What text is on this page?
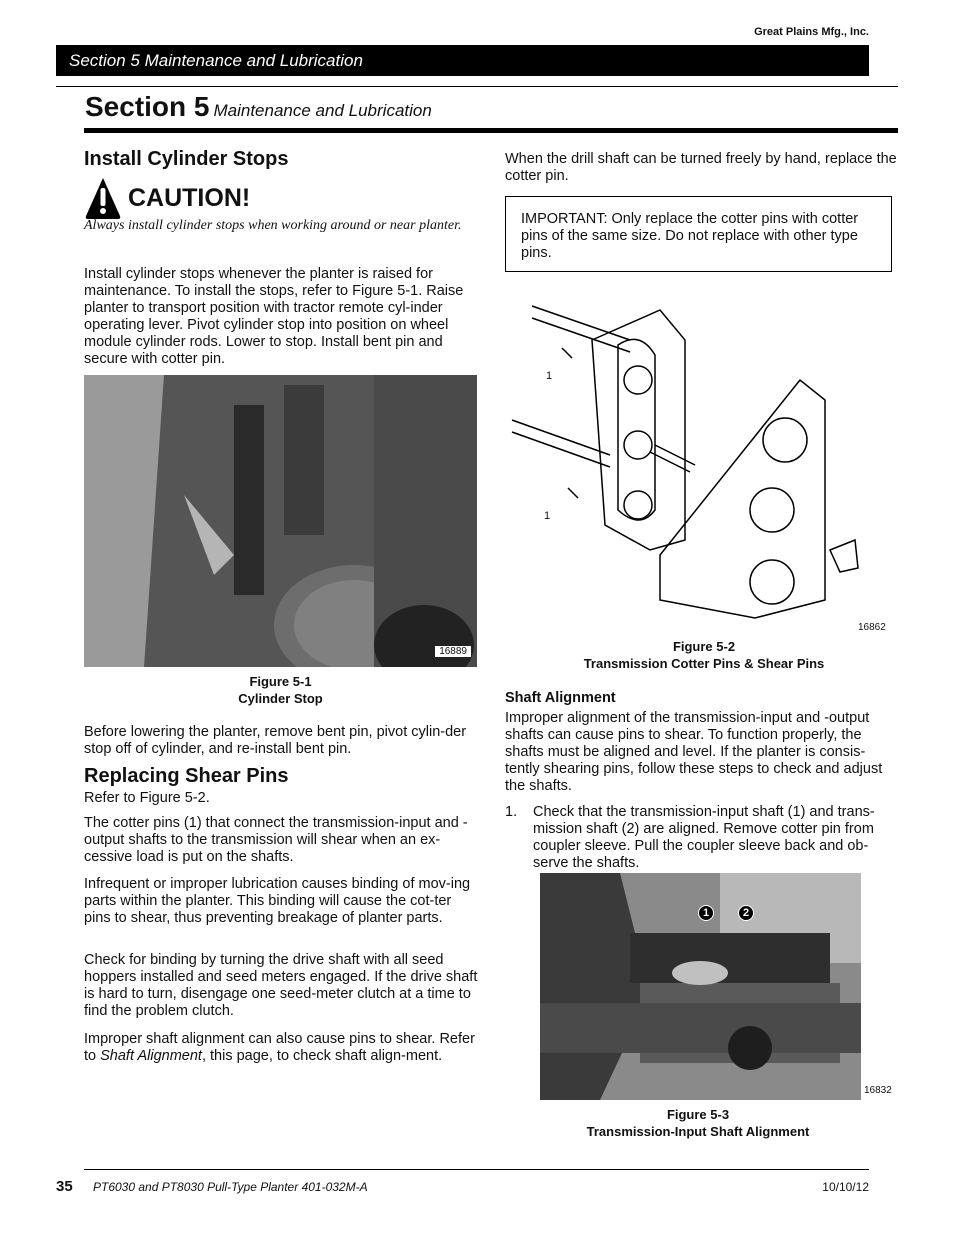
Great Plains Mfg., Inc.
Section 5 Maintenance and Lubrication
Section 5 Maintenance and Lubrication
Install Cylinder Stops
CAUTION!
Always install cylinder stops when working around or near planter.
Install cylinder stops whenever the planter is raised for maintenance. To install the stops, refer to Figure 5-1. Raise planter to transport position with tractor remote cyl-inder operating lever. Pivot cylinder stop into position on wheel module cylinder rods. Lower to stop. Install bent pin and secure with cotter pin.
16889
Figure 5-1
Cylinder Stop
Before lowering the planter, remove bent pin, pivot cylin-der stop off of cylinder, and re-install bent pin.
Replacing Shear Pins
Refer to Figure 5-2.
The cotter pins (1) that connect the transmission-input and -output shafts to the transmission will shear when an ex-cessive load is put on the shafts.
Infrequent or improper lubrication causes binding of mov-ing parts within the planter. This binding will cause the cot-ter pins to shear, thus preventing breakage of planter parts.
Check for binding by turning the drive shaft with all seed hoppers installed and seed meters engaged. If the drive shaft is hard to turn, disengage one seed-meter clutch at a time to find the problem clutch.
Improper shaft alignment can also cause pins to shear. Refer to Shaft Alignment, this page, to check shaft align-ment.
When the drill shaft can be turned freely by hand, replace the cotter pin.
IMPORTANT: Only replace the cotter pins with cotter pins of the same size. Do not replace with other type pins.
1
1
16862
Figure 5-2
Transmission Cotter Pins & Shear Pins
Shaft Alignment
Improper alignment of the transmission-input and -output shafts can cause pins to shear. To function properly, the shafts must be aligned and level. If the planter is consis-tently shearing pins, follow these steps to check and adjust the shafts.
1.	Check that the transmission-input shaft (1) and trans-mission shaft (2) are aligned. Remove cotter pin from coupler sleeve. Pull the coupler sleeve back and ob-serve the shafts.
1	2
16832
Figure 5-3
Transmission-Input Shaft Alignment
35 PT6030 and PT8030 Pull-Type Planter 401-032M-A	10/10/12
